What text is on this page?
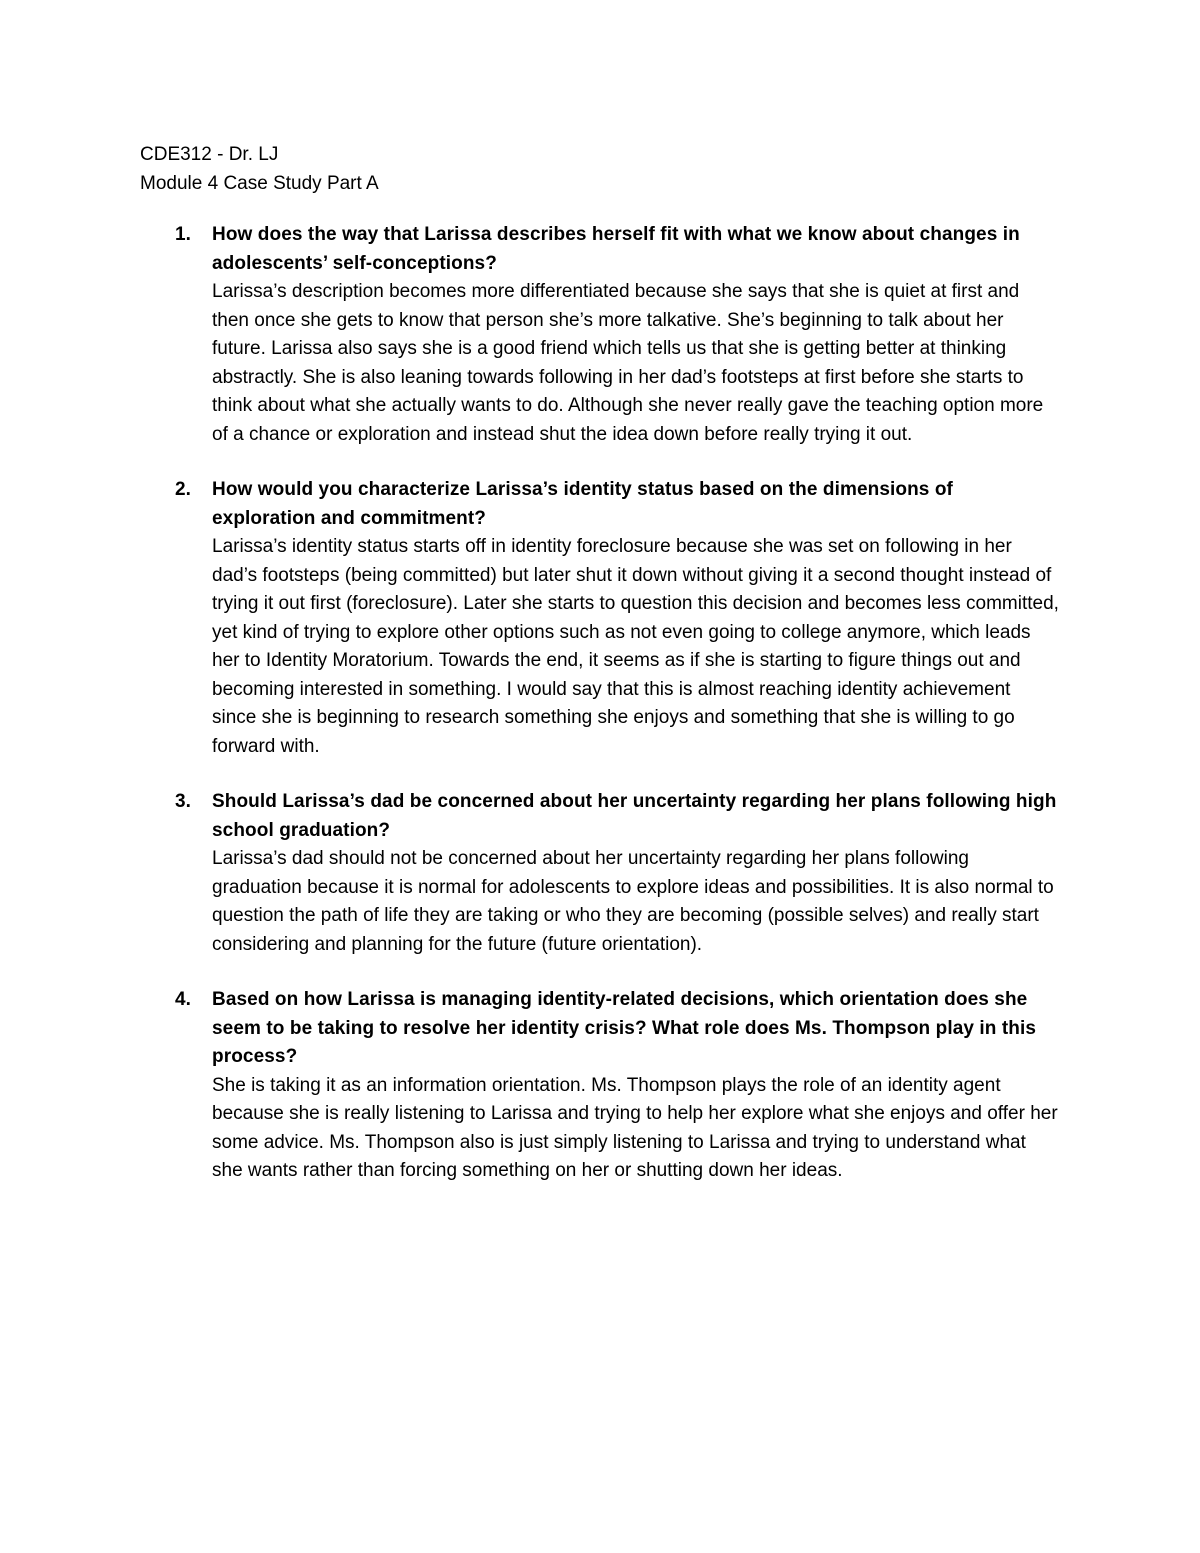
CDE312 - Dr. LJ

Module 4 Case Study Part A

1. How does the way that Larissa describes herself fit with what we know about changes in adolescents’ self-conceptions?

Larissa’s description becomes more differentiated because she says that she is quiet at first and then once she gets to know that person she’s more talkative. She’s beginning to talk about her future. Larissa also says she is a good friend which tells us that she is getting better at thinking abstractly. She is also leaning towards following in her dad’s footsteps at first before she starts to think about what she actually wants to do. Although she never really gave the teaching option more of a chance or exploration and instead shut the idea down before really trying it out.

2. How would you characterize Larissa’s identity status based on the dimensions of exploration and commitment?

Larissa’s identity status starts off in identity foreclosure because she was set on following in her dad’s footsteps (being committed) but later shut it down without giving it a second thought instead of trying it out first (foreclosure). Later she starts to question this decision and becomes less committed, yet kind of trying to explore other options such as not even going to college anymore, which leads her to Identity Moratorium. Towards the end, it seems as if she is starting to figure things out and becoming interested in something. I would say that this is almost reaching identity achievement since she is beginning to research something she enjoys and something that she is willing to go forward with.

3. Should Larissa’s dad be concerned about her uncertainty regarding her plans following high school graduation?

Larissa’s dad should not be concerned about her uncertainty regarding her plans following graduation because it is normal for adolescents to explore ideas and possibilities. It is also normal to question the path of life they are taking or who they are becoming (possible selves) and really start considering and planning for the future (future orientation).

4. Based on how Larissa is managing identity-related decisions, which orientation does she seem to be taking to resolve her identity crisis? What role does Ms. Thompson play in this process?

She is taking it as an information orientation. Ms. Thompson plays the role of an identity agent because she is really listening to Larissa and trying to help her explore what she enjoys and offer her some advice. Ms. Thompson also is just simply listening to Larissa and trying to understand what she wants rather than forcing something on her or shutting down her ideas.
